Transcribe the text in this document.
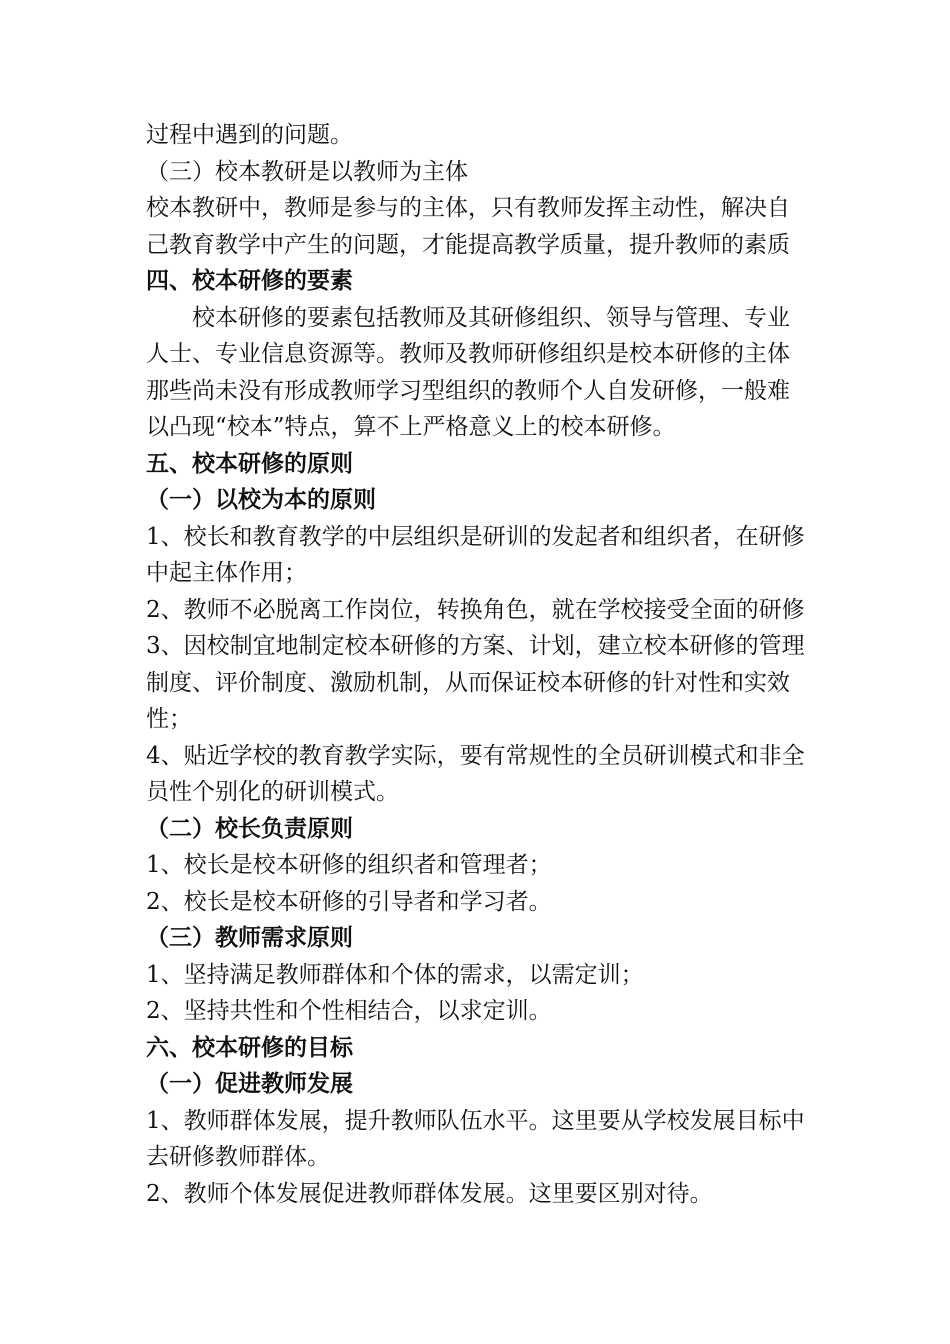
过程中遇到的问题。
（三）校本教研是以教师为主体
校本教研中，教师是参与的主体，只有教师发挥主动性，解决自
己教育教学中产生的问题，才能提高教学质量，提升教师的素质
四、校本研修的要素
校本研修的要素包括教师及其研修组织、领导与管理、专业
人士、专业信息资源等。教师及教师研修组织是校本研修的主体
那些尚未没有形成教师学习型组织的教师个人自发研修，一般难
以凸现“校本”特点，算不上严格意义上的校本研修。
五、校本研修的原则
（一）以校为本的原则
1、校长和教育教学的中层组织是研训的发起者和组织者，在研修
中起主体作用；
2、教师不必脱离工作岗位，转换角色，就在学校接受全面的研修
3、因校制宜地制定校本研修的方案、计划，建立校本研修的管理
制度、评价制度、激励机制，从而保证校本研修的针对性和实效
性；
4、贴近学校的教育教学实际，要有常规性的全员研训模式和非全
员性个别化的研训模式。
（二）校长负责原则
1、校长是校本研修的组织者和管理者；
2、校长是校本研修的引导者和学习者。
（三）教师需求原则
1、坚持满足教师群体和个体的需求，以需定训；
2、坚持共性和个性相结合，以求定训。
六、校本研修的目标
（一）促进教师发展
1、教师群体发展，提升教师队伍水平。这里要从学校发展目标中
去研修教师群体。
2、教师个体发展促进教师群体发展。这里要区别对待。
